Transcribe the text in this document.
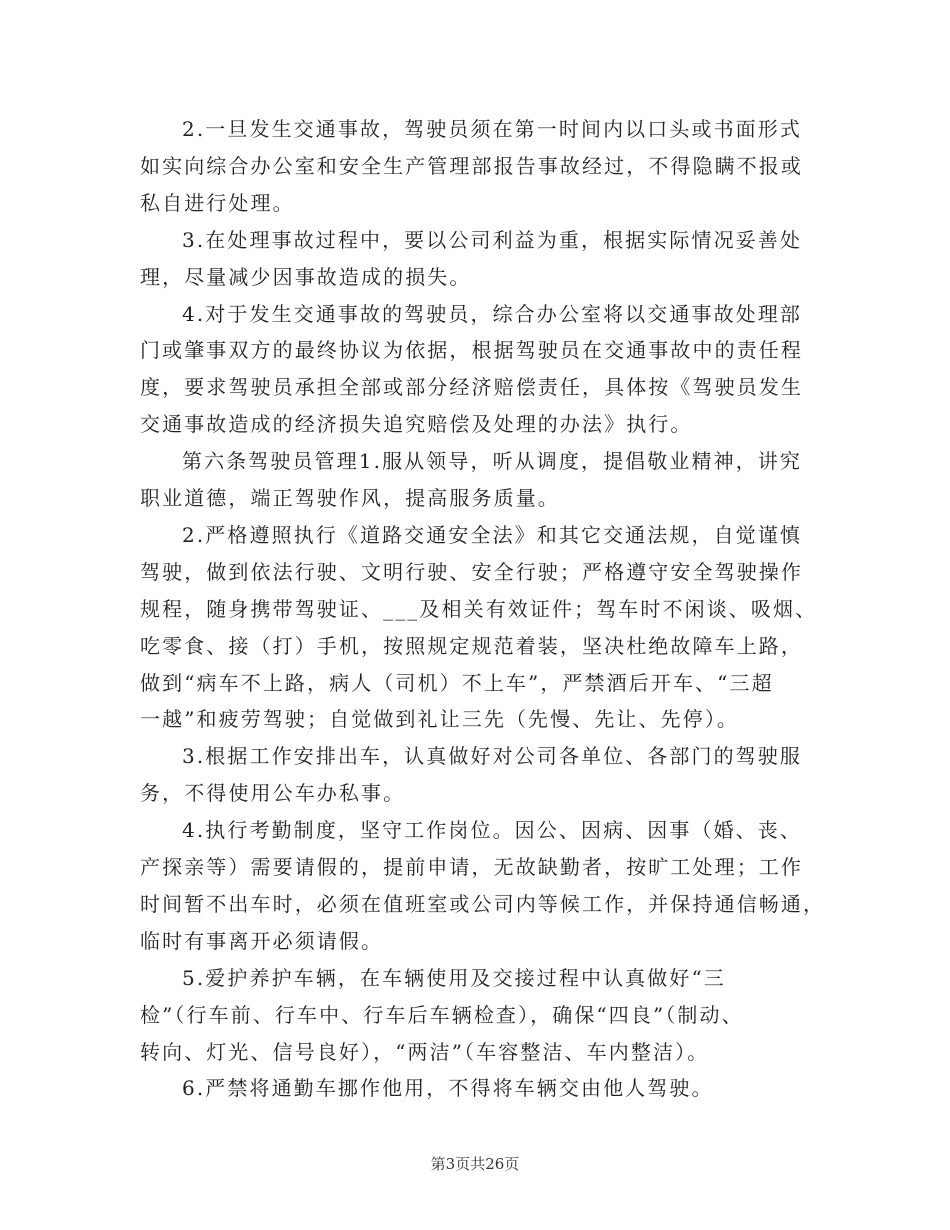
2.一旦发生交通事故，驾驶员须在第一时间内以口头或书面形式
如实向综合办公室和安全生产管理部报告事故经过，不得隐瞒不报或
私自进行处理。
3.在处理事故过程中，要以公司利益为重，根据实际情况妥善处
理，尽量减少因事故造成的损失。
4.对于发生交通事故的驾驶员，综合办公室将以交通事故处理部
门或肇事双方的最终协议为依据，根据驾驶员在交通事故中的责任程
度，要求驾驶员承担全部或部分经济赔偿责任，具体按《驾驶员发生
交通事故造成的经济损失追究赔偿及处理的办法》执行。
第六条驾驶员管理1.服从领导，听从调度，提倡敬业精神，讲究
职业道德，端正驾驶作风，提高服务质量。
2.严格遵照执行《道路交通安全法》和其它交通法规，自觉谨慎
驾驶，做到依法行驶、文明行驶、安全行驶；严格遵守安全驾驶操作
规程，随身携带驾驶证、___及相关有效证件；驾车时不闲谈、吸烟、
吃零食、接（打）手机，按照规定规范着装，坚决杜绝故障车上路，
做到“病车不上路，病人（司机）不上车”，严禁酒后开车、“三超
一越”和疲劳驾驶；自觉做到礼让三先（先慢、先让、先停）。
3.根据工作安排出车，认真做好对公司各单位、各部门的驾驶服
务，不得使用公车办私事。
4.执行考勤制度，坚守工作岗位。因公、因病、因事（婚、丧、
产探亲等）需要请假的，提前申请，无故缺勤者，按旷工处理；工作
时间暂不出车时，必须在值班室或公司内等候工作，并保持通信畅通，
临时有事离开必须请假。
5.爱护养护车辆，在车辆使用及交接过程中认真做好“三
检”（行车前、行车中、行车后车辆检查），确保“四良”（制动、
转向、灯光、信号良好），“两洁”（车容整洁、车内整洁）。
6.严禁将通勤车挪作他用，不得将车辆交由他人驾驶。
第3页共26页
